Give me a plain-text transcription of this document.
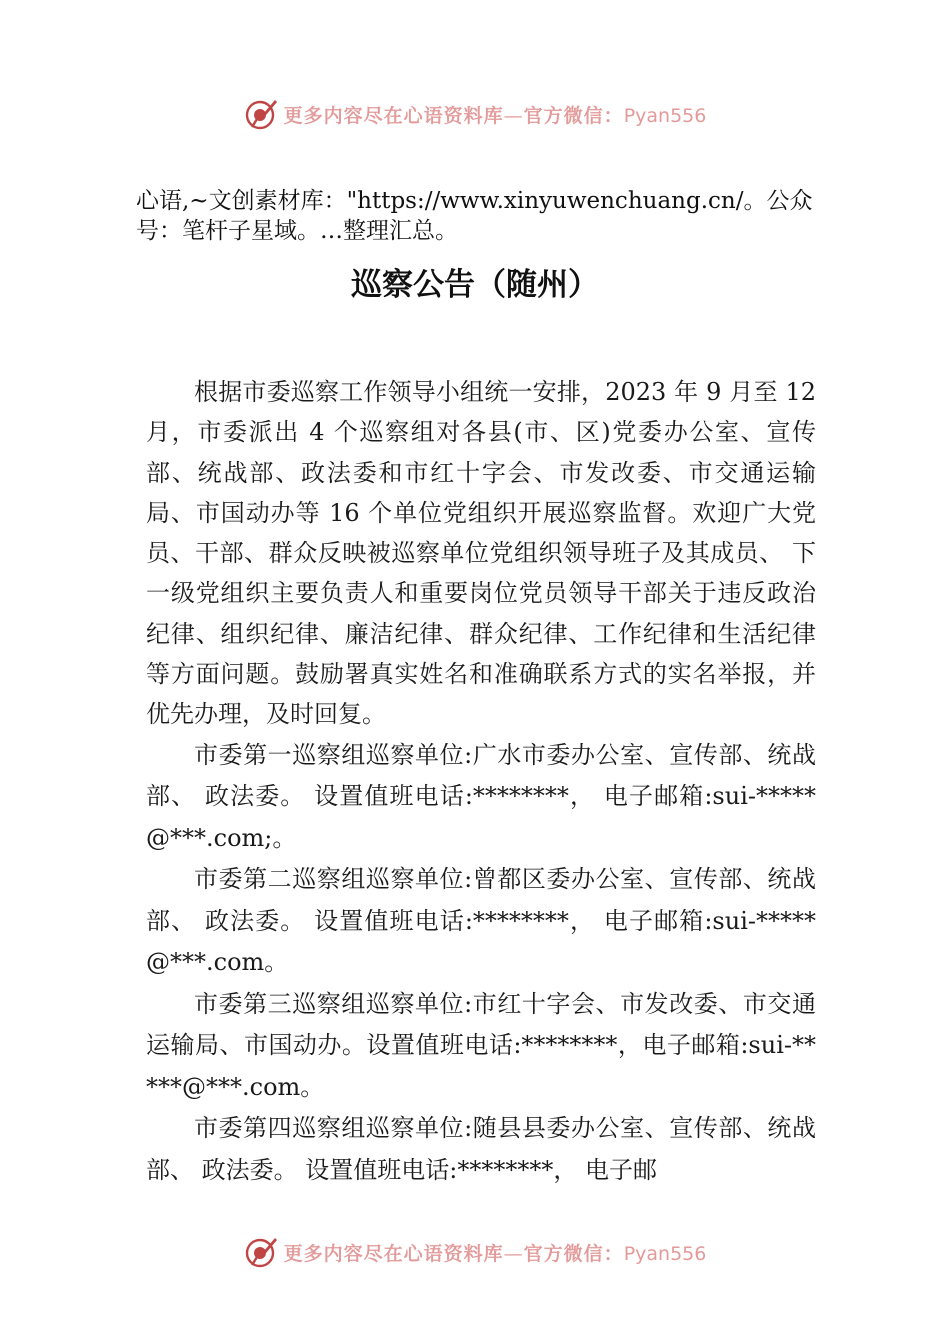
更多内容尽在心语资料库—官方微信：Pyan556
心语,~文创素材库："https://www.xinyuwenchuang.cn/。公众号：笔杆子星域。…整理汇总。
巡察公告（随州）

根据市委巡察工作领导小组统一安排，2023 年 9 月至 12 月，市委派出 4 个巡察组对各县(市、区)党委办公室、宣传部、统战部、政法委和市红十字会、市发改委、市交通运输局、市国动办等 16 个单位党组织开展巡察监督。欢迎广大党员、干部、群众反映被巡察单位党组织领导班子及其成员、 下一级党组织主要负责人和重要岗位党员领导干部关于违反政治纪律、组织纪律、廉洁纪律、群众纪律、工作纪律和生活纪律等方面问题。鼓励署真实姓名和准确联系方式的实名举报，并优先办理，及时回复。

市委第一巡察组巡察单位:广水市委办公室、宣传部、统战部、 政法委。 设置值班电话:********， 电子邮箱:sui-*****@***.com;。

市委第二巡察组巡察单位:曾都区委办公室、宣传部、统战部、 政法委。 设置值班电话:********， 电子邮箱:sui-*****@***.com。

市委第三巡察组巡察单位:市红十字会、市发改委、市交通运输局、市国动办。设置值班电话:********，电子邮箱:sui-*****@***.com。

市委第四巡察组巡察单位:随县县委办公室、宣传部、统战部、 政法委。 设置值班电话:********， 电子邮

更多内容尽在心语资料库—官方微信：Pyan556
